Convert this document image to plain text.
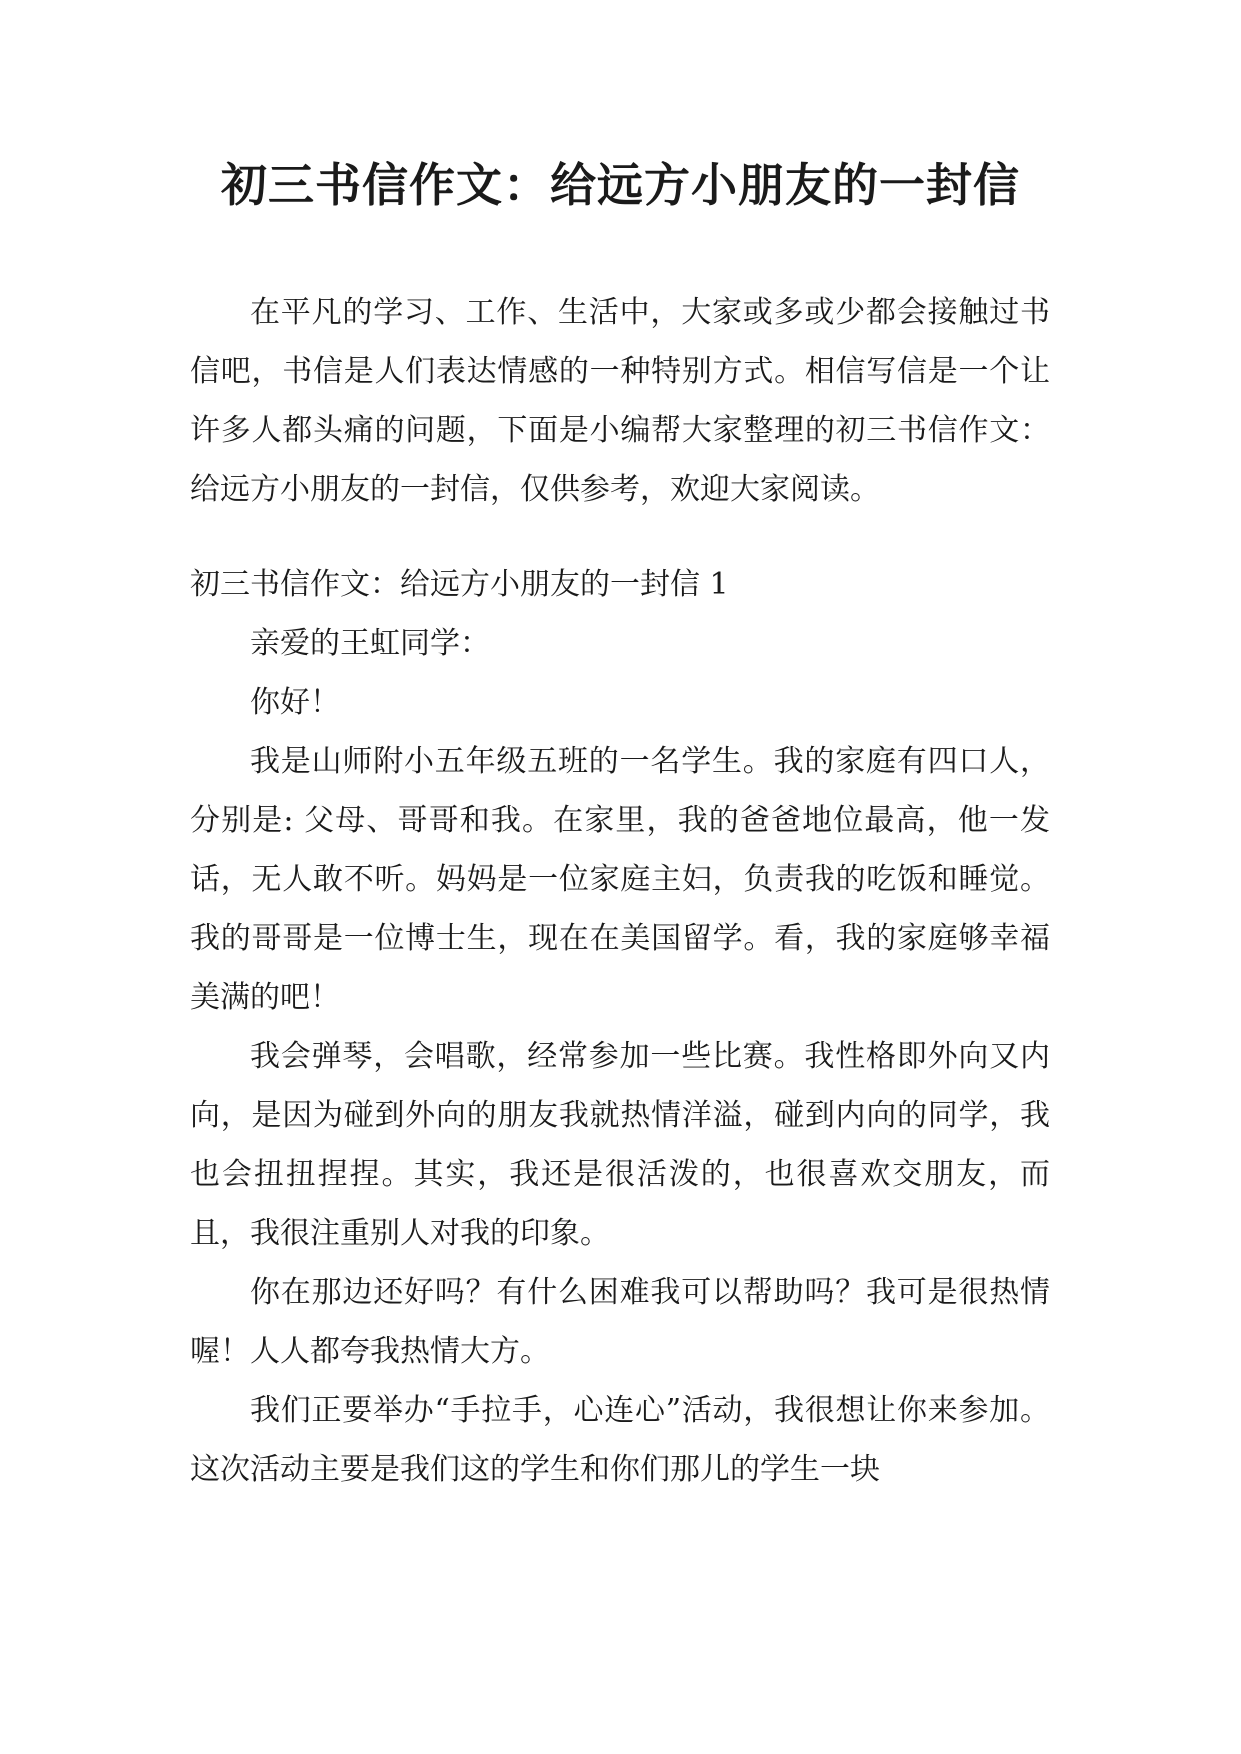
初三书信作文：给远方小朋友的一封信

在平凡的学习、工作、生活中，大家或多或少都会接触过书信吧，书信是人们表达情感的一种特别方式。相信写信是一个让许多人都头痛的问题，下面是小编帮大家整理的初三书信作文：给远方小朋友的一封信，仅供参考，欢迎大家阅读。

初三书信作文：给远方小朋友的一封信 1

亲爱的王虹同学：

你好！

我是山师附小五年级五班的一名学生。我的家庭有四口人，分别是: 父母、哥哥和我。在家里，我的爸爸地位最高，他一发话，无人敢不听。妈妈是一位家庭主妇，负责我的吃饭和睡觉。我的哥哥是一位博士生，现在在美国留学。看，我的家庭够幸福美满的吧！

我会弹琴，会唱歌，经常参加一些比赛。我性格即外向又内向，是因为碰到外向的朋友我就热情洋溢，碰到内向的同学，我也会扭扭捏捏。其实，我还是很活泼的，也很喜欢交朋友，而且，我很注重别人对我的印象。

你在那边还好吗？有什么困难我可以帮助吗？我可是很热情喔！人人都夸我热情大方。

我们正要举办“手拉手，心连心”活动，我很想让你来参加。这次活动主要是我们这的学生和你们那儿的学生一块
